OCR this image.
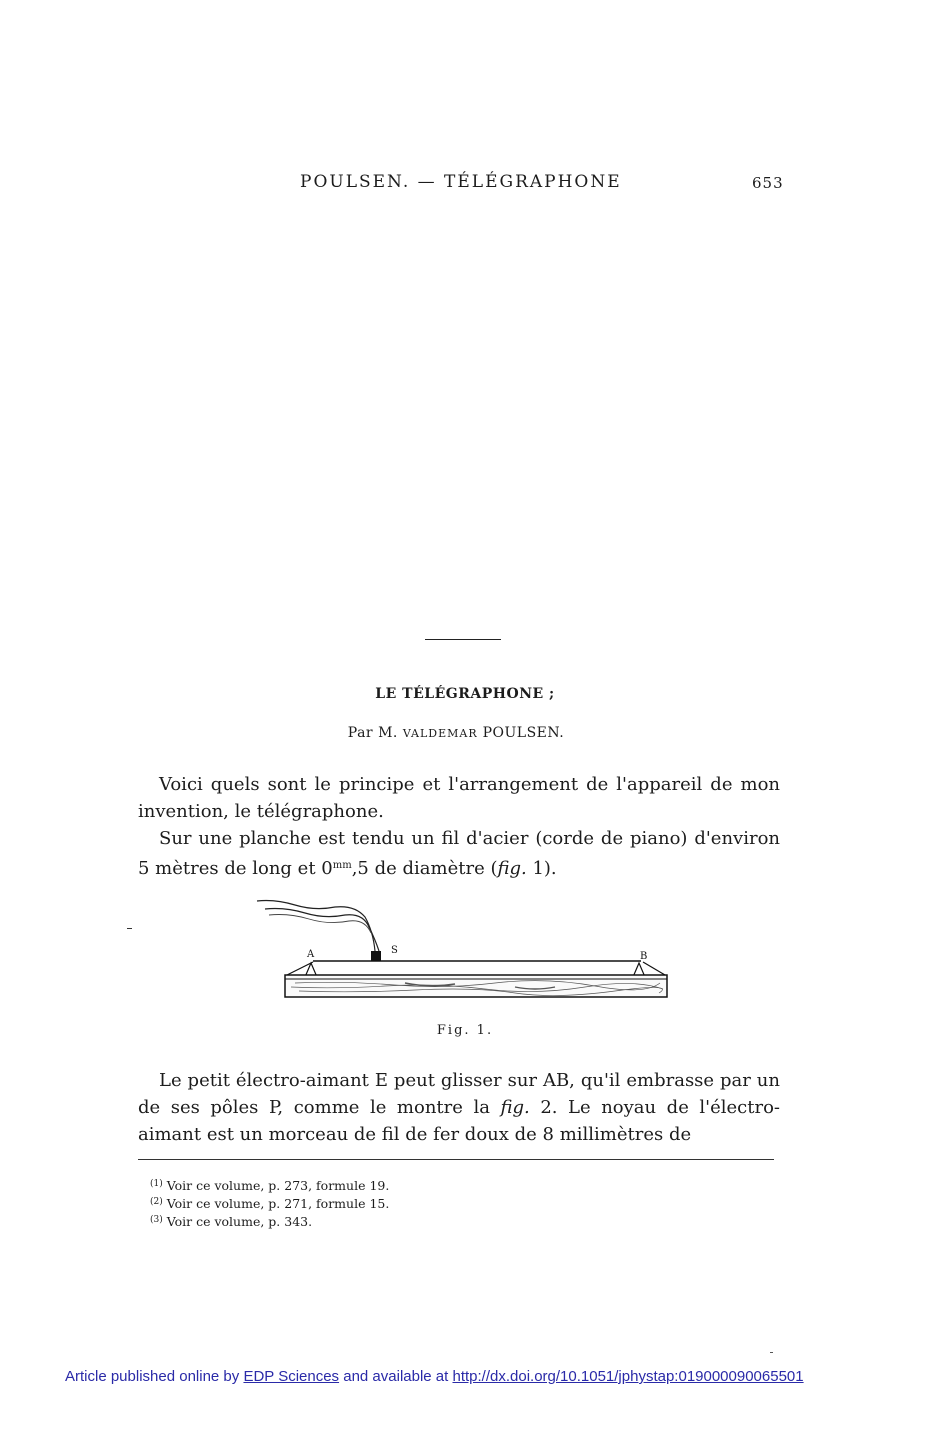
POULSEN. — TÉLÉGRAPHONE	653
LE TÉLÉGRAPHONE ;
Par M. VALDEMAR POULSEN.

Voici quels sont le principe et l'arrangement de l'appareil de mon invention, le télégraphone.

Sur une planche est tendu un fil d'acier (corde de piano) d'environ 5 mètres de long et $0^{mm},5$ de diamètre (fig. 1).

A	B
S
Fig. 1.

Le petit électro-aimant E peut glisser sur AB, qu'il embrasse par un de ses pôles P, comme le montre la fig. 2. Le noyau de l'électro-aimant est un morceau de fil de fer doux de 8 millimètres de

$^{(1)}$ Voir ce volume, p. 273, formule 19.
$^{(2)}$ Voir ce volume, p. 271, formule 15.
$^{(3)}$ Voir ce volume, p. 343.
Article published online by EDP Sciences and available at http://dx.doi.org/10.1051/jphystap:019000090065501
